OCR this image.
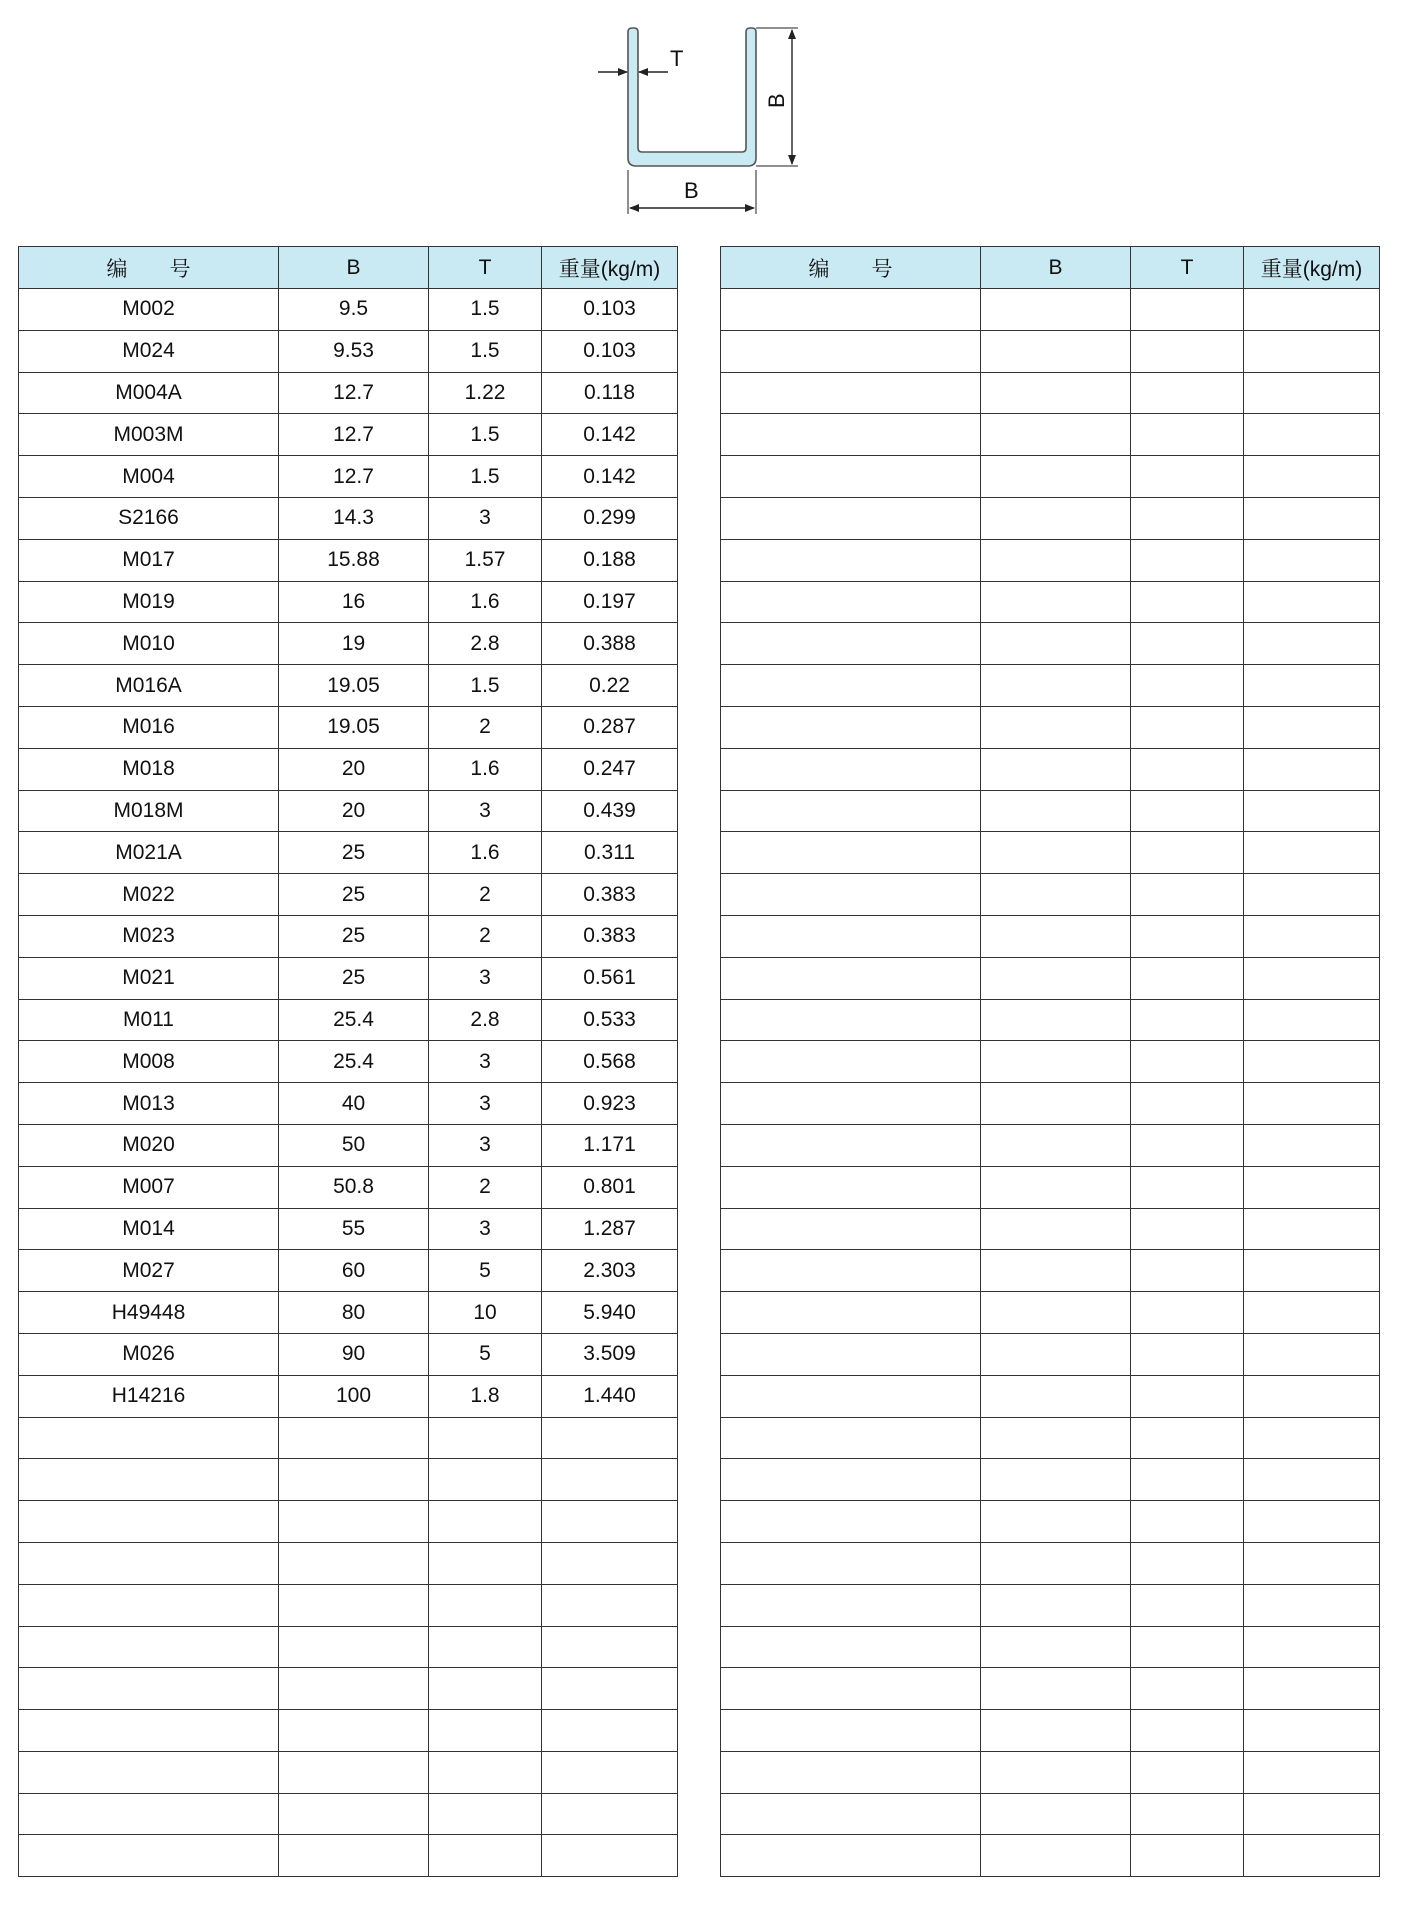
T
B
B
编　　号	B	T	重量(kg/m)
M002	9.5	1.5	0.103
M024	9.53	1.5	0.103
M004A	12.7	1.22	0.118
M003M	12.7	1.5	0.142
M004	12.7	1.5	0.142
S2166	14.3	3	0.299
M017	15.88	1.57	0.188
M019	16	1.6	0.197
M010	19	2.8	0.388
M016A	19.05	1.5	0.22
M016	19.05	2	0.287
M018	20	1.6	0.247
M018M	20	3	0.439
M021A	25	1.6	0.311
M022	25	2	0.383
M023	25	2	0.383
M021	25	3	0.561
M011	25.4	2.8	0.533
M008	25.4	3	0.568
M013	40	3	0.923
M020	50	3	1.171
M007	50.8	2	0.801
M014	55	3	1.287
M027	60	5	2.303
H49448	80	10	5.940
M026	90	5	3.509
H14216	100	1.8	1.440

编　　号	B	T	重量(kg/m)
